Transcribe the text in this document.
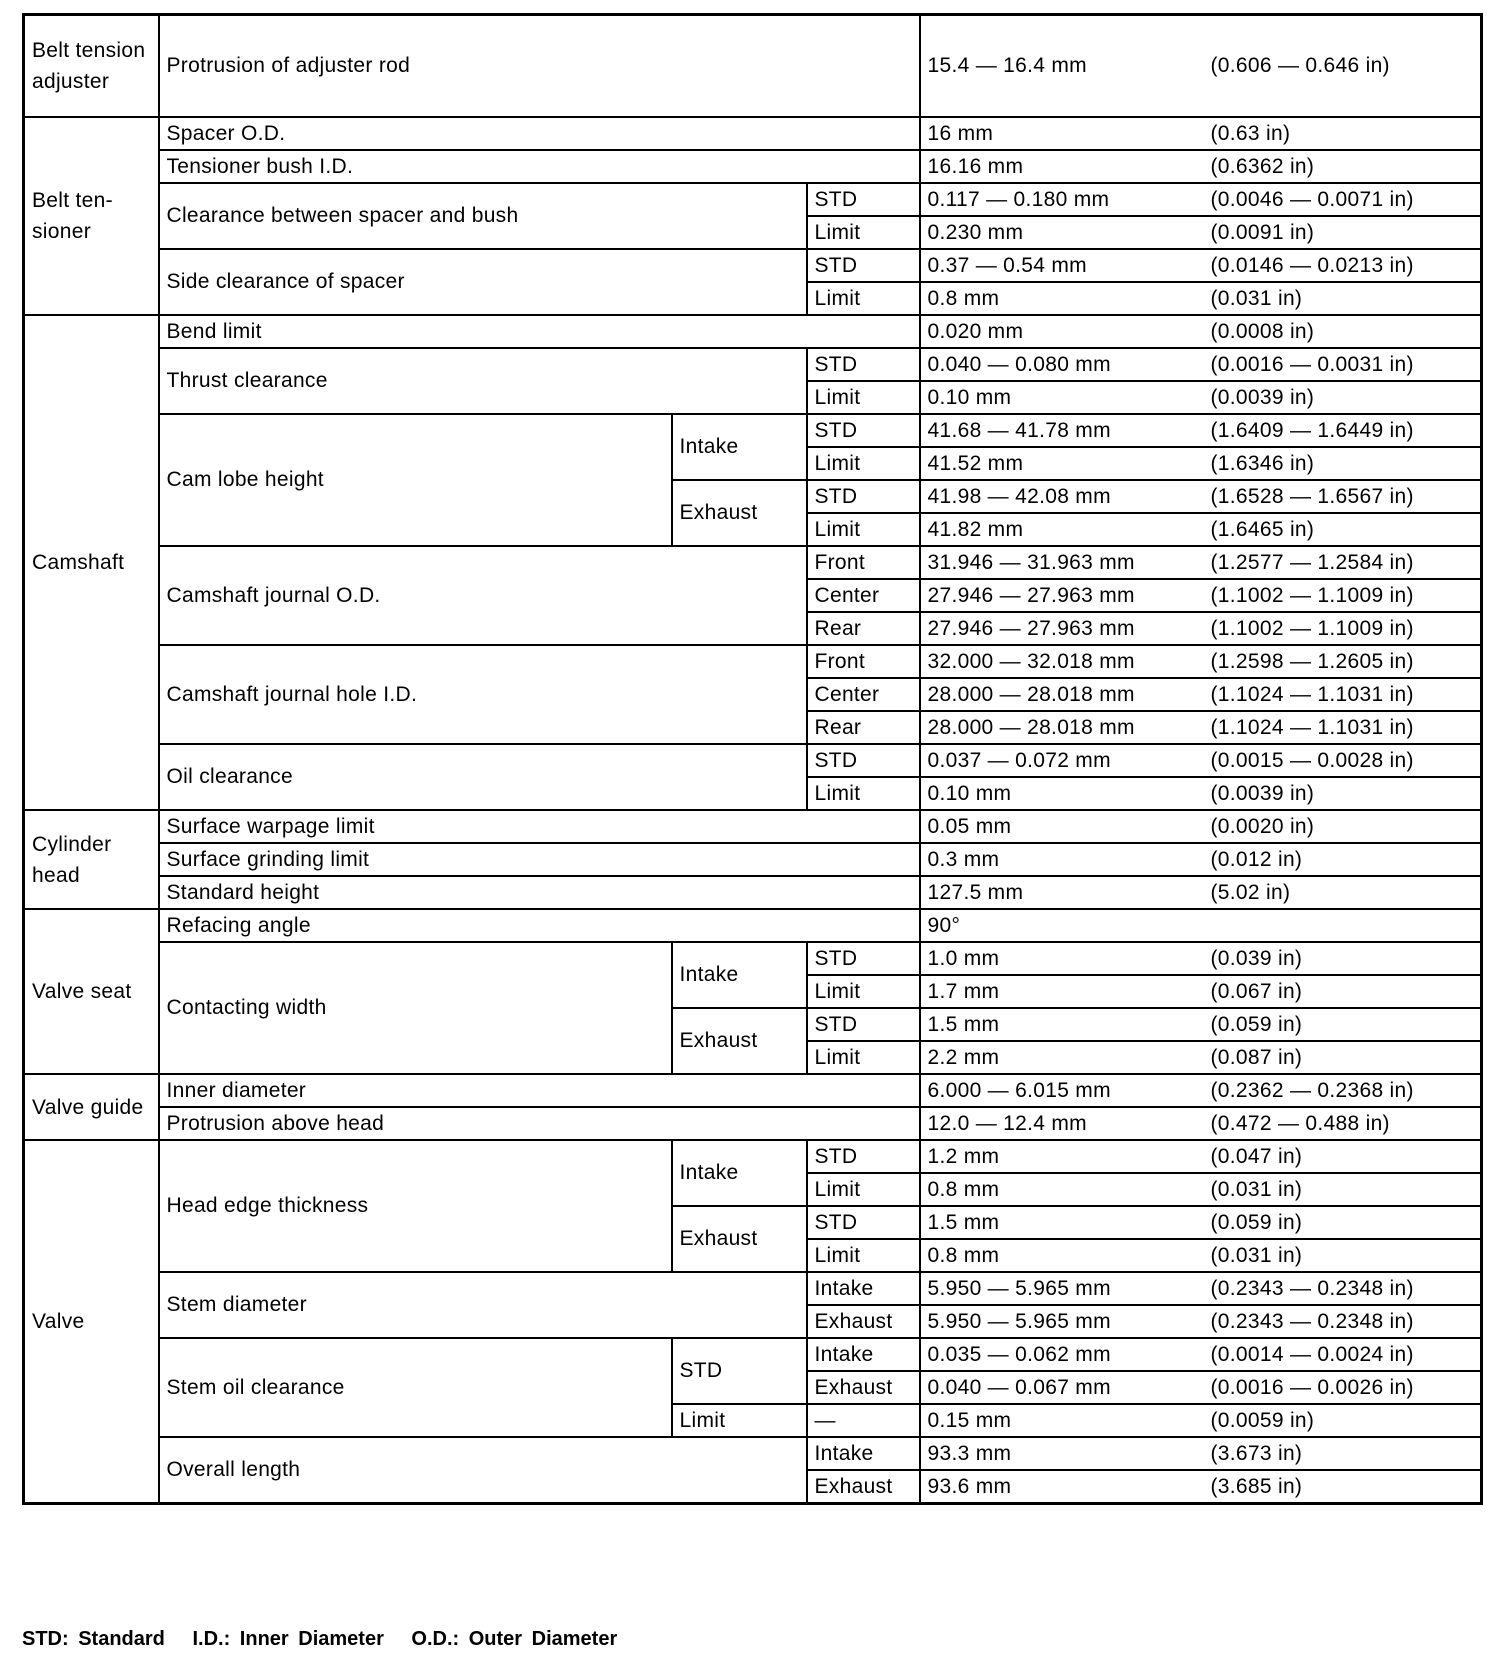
Belt tension adjuster	Protrusion of adjuster rod			15.4 — 16.4 mm	(0.606 — 0.646 in)
Belt ten- sioner	Spacer O.D.			16 mm	(0.63 in)
	Tensioner bush I.D.			16.16 mm	(0.6362 in)
	Clearance between spacer and bush		STD	0.117 — 0.180 mm	(0.0046 — 0.0071 in)
			Limit	0.230 mm	(0.0091 in)
	Side clearance of spacer		STD	0.37 — 0.54 mm	(0.0146 — 0.0213 in)
			Limit	0.8 mm	(0.031 in)
Camshaft	Bend limit			0.020 mm	(0.0008 in)
	Thrust clearance		STD	0.040 — 0.080 mm	(0.0016 — 0.0031 in)
			Limit	0.10 mm	(0.0039 in)
	Cam lobe height	Intake	STD	41.68 — 41.78 mm	(1.6409 — 1.6449 in)
			Limit	41.52 mm	(1.6346 in)
		Exhaust	STD	41.98 — 42.08 mm	(1.6528 — 1.6567 in)
			Limit	41.82 mm	(1.6465 in)
	Camshaft journal O.D.		Front	31.946 — 31.963 mm	(1.2577 — 1.2584 in)
			Center	27.946 — 27.963 mm	(1.1002 — 1.1009 in)
			Rear	27.946 — 27.963 mm	(1.1002 — 1.1009 in)
	Camshaft journal hole I.D.		Front	32.000 — 32.018 mm	(1.2598 — 1.2605 in)
			Center	28.000 — 28.018 mm	(1.1024 — 1.1031 in)
			Rear	28.000 — 28.018 mm	(1.1024 — 1.1031 in)
	Oil clearance		STD	0.037 — 0.072 mm	(0.0015 — 0.0028 in)
			Limit	0.10 mm	(0.0039 in)
Cylinder head	Surface warpage limit			0.05 mm	(0.0020 in)
	Surface grinding limit			0.3 mm	(0.012 in)
	Standard height			127.5 mm	(5.02 in)
Valve seat	Refacing angle			90°	
	Contacting width	Intake	STD	1.0 mm	(0.039 in)
			Limit	1.7 mm	(0.067 in)
		Exhaust	STD	1.5 mm	(0.059 in)
			Limit	2.2 mm	(0.087 in)
Valve guide	Inner diameter			6.000 — 6.015 mm	(0.2362 — 0.2368 in)
	Protrusion above head			12.0 — 12.4 mm	(0.472 — 0.488 in)
Valve	Head edge thickness	Intake	STD	1.2 mm	(0.047 in)
			Limit	0.8 mm	(0.031 in)
		Exhaust	STD	1.5 mm	(0.059 in)
			Limit	0.8 mm	(0.031 in)
	Stem diameter		Intake	5.950 — 5.965 mm	(0.2343 — 0.2348 in)
			Exhaust	5.950 — 5.965 mm	(0.2343 — 0.2348 in)
	Stem oil clearance	STD	Intake	0.035 — 0.062 mm	(0.0014 — 0.0024 in)
			Exhaust	0.040 — 0.067 mm	(0.0016 — 0.0026 in)
		Limit	—	0.15 mm	(0.0059 in)
	Overall length		Intake	93.3 mm	(3.673 in)
			Exhaust	93.6 mm	(3.685 in)
STD: Standard I.D.: Inner Diameter O.D.: Outer Diameter
